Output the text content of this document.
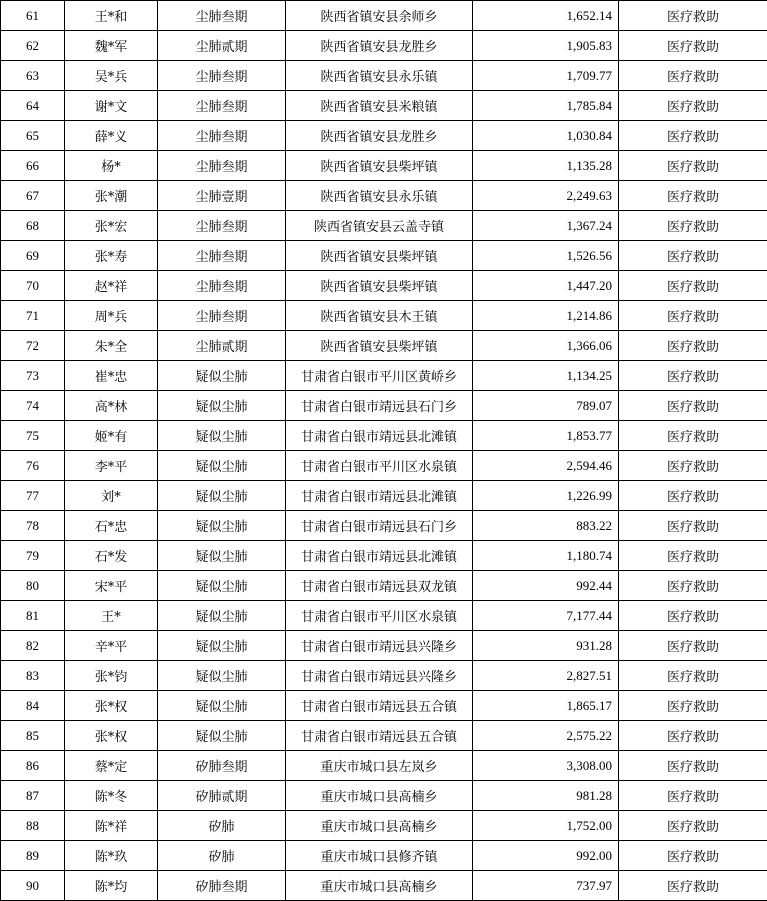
61	王*和	尘肺叁期	陕西省镇安县余师乡	1,652.14	医疗救助
62	魏*军	尘肺贰期	陕西省镇安县龙胜乡	1,905.83	医疗救助
63	吴*兵	尘肺叁期	陕西省镇安县永乐镇	1,709.77	医疗救助
64	谢*文	尘肺叁期	陕西省镇安县米粮镇	1,785.84	医疗救助
65	薛*义	尘肺叁期	陕西省镇安县龙胜乡	1,030.84	医疗救助
66	杨*	尘肺叁期	陕西省镇安县柴坪镇	1,135.28	医疗救助
67	张*潮	尘肺壹期	陕西省镇安县永乐镇	2,249.63	医疗救助
68	张*宏	尘肺叁期	陕西省镇安县云盖寺镇	1,367.24	医疗救助
69	张*寿	尘肺叁期	陕西省镇安县柴坪镇	1,526.56	医疗救助
70	赵*祥	尘肺叁期	陕西省镇安县柴坪镇	1,447.20	医疗救助
71	周*兵	尘肺叁期	陕西省镇安县木王镇	1,214.86	医疗救助
72	朱*全	尘肺贰期	陕西省镇安县柴坪镇	1,366.06	医疗救助
73	崔*忠	疑似尘肺	甘肃省白银市平川区黄峤乡	1,134.25	医疗救助
74	高*林	疑似尘肺	甘肃省白银市靖远县石门乡	789.07	医疗救助
75	姬*有	疑似尘肺	甘肃省白银市靖远县北滩镇	1,853.77	医疗救助
76	李*平	疑似尘肺	甘肃省白银市平川区水泉镇	2,594.46	医疗救助
77	刘*	疑似尘肺	甘肃省白银市靖远县北滩镇	1,226.99	医疗救助
78	石*忠	疑似尘肺	甘肃省白银市靖远县石门乡	883.22	医疗救助
79	石*发	疑似尘肺	甘肃省白银市靖远县北滩镇	1,180.74	医疗救助
80	宋*平	疑似尘肺	甘肃省白银市靖远县双龙镇	992.44	医疗救助
81	王*	疑似尘肺	甘肃省白银市平川区水泉镇	7,177.44	医疗救助
82	辛*平	疑似尘肺	甘肃省白银市靖远县兴隆乡	931.28	医疗救助
83	张*钧	疑似尘肺	甘肃省白银市靖远县兴隆乡	2,827.51	医疗救助
84	张*权	疑似尘肺	甘肃省白银市靖远县五合镇	1,865.17	医疗救助
85	张*权	疑似尘肺	甘肃省白银市靖远县五合镇	2,575.22	医疗救助
86	蔡*定	矽肺叁期	重庆市城口县左岚乡	3,308.00	医疗救助
87	陈*冬	矽肺贰期	重庆市城口县高楠乡	981.28	医疗救助
88	陈*祥	矽肺	重庆市城口县高楠乡	1,752.00	医疗救助
89	陈*玖	矽肺	重庆市城口县修齐镇	992.00	医疗救助
90	陈*均	矽肺叁期	重庆市城口县高楠乡	737.97	医疗救助
